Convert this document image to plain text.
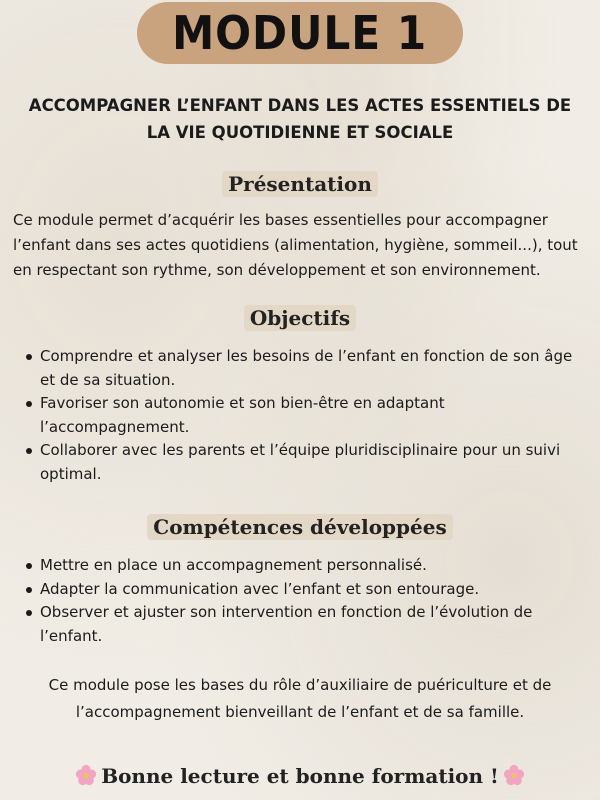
MODULE 1
ACCOMPAGNER L’ENFANT DANS LES ACTES ESSENTIELS DE
LA VIE QUOTIDIENNE ET SOCIALE
Présentation
Ce module permet d’acquérir les bases essentielles pour accompagner
l’enfant dans ses actes quotidiens (alimentation, hygiène, sommeil...), tout
en respectant son rythme, son développement et son environnement.
Objectifs
Comprendre et analyser les besoins de l’enfant en fonction de son âge
et de sa situation.
Favoriser son autonomie et son bien-être en adaptant
l’accompagnement.
Collaborer avec les parents et l’équipe pluridisciplinaire pour un suivi
optimal.
Compétences développées
Mettre en place un accompagnement personnalisé.
Adapter la communication avec l’enfant et son entourage.
Observer et ajuster son intervention en fonction de l’évolution de
l’enfant.
Ce module pose les bases du rôle d’auxiliaire de puériculture et de
l’accompagnement bienveillant de l’enfant et de sa famille.
Bonne lecture et bonne formation !
